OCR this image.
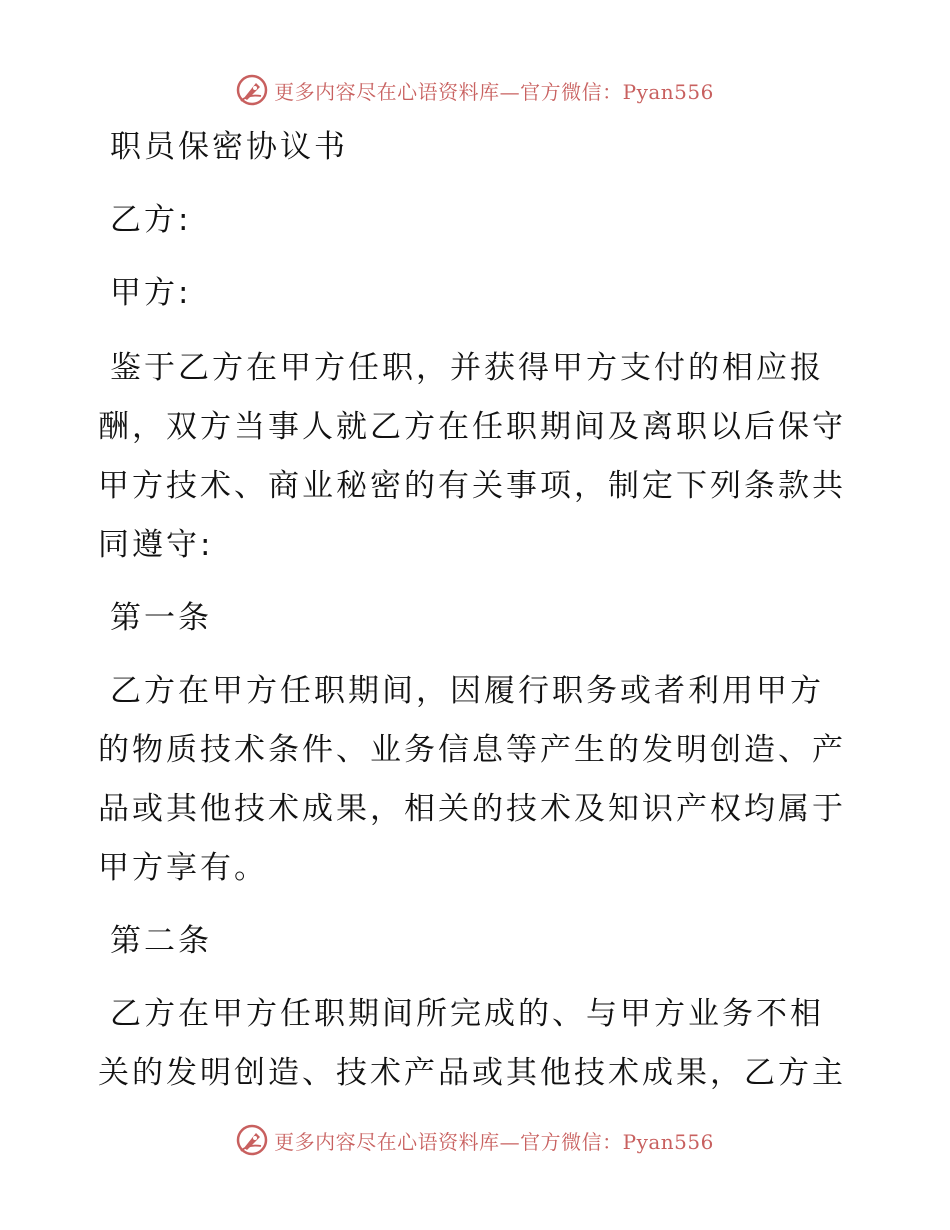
更多内容尽在心语资料库—官方微信：Pyan556

职员保密协议书

乙方:

甲方:

鉴于乙方在甲方任职，并获得甲方支付的相应报

酬，双方当事人就乙方在任职期间及离职以后保守

甲方技术、商业秘密的有关事项，制定下列条款共

同遵守:

第一条

乙方在甲方任职期间，因履行职务或者利用甲方

的物质技术条件、业务信息等产生的发明创造、产

品或其他技术成果，相关的技术及知识产权均属于

甲方享有。

第二条

乙方在甲方任职期间所完成的、与甲方业务不相

关的发明创造、技术产品或其他技术成果，乙方主

更多内容尽在心语资料库—官方微信：Pyan556
